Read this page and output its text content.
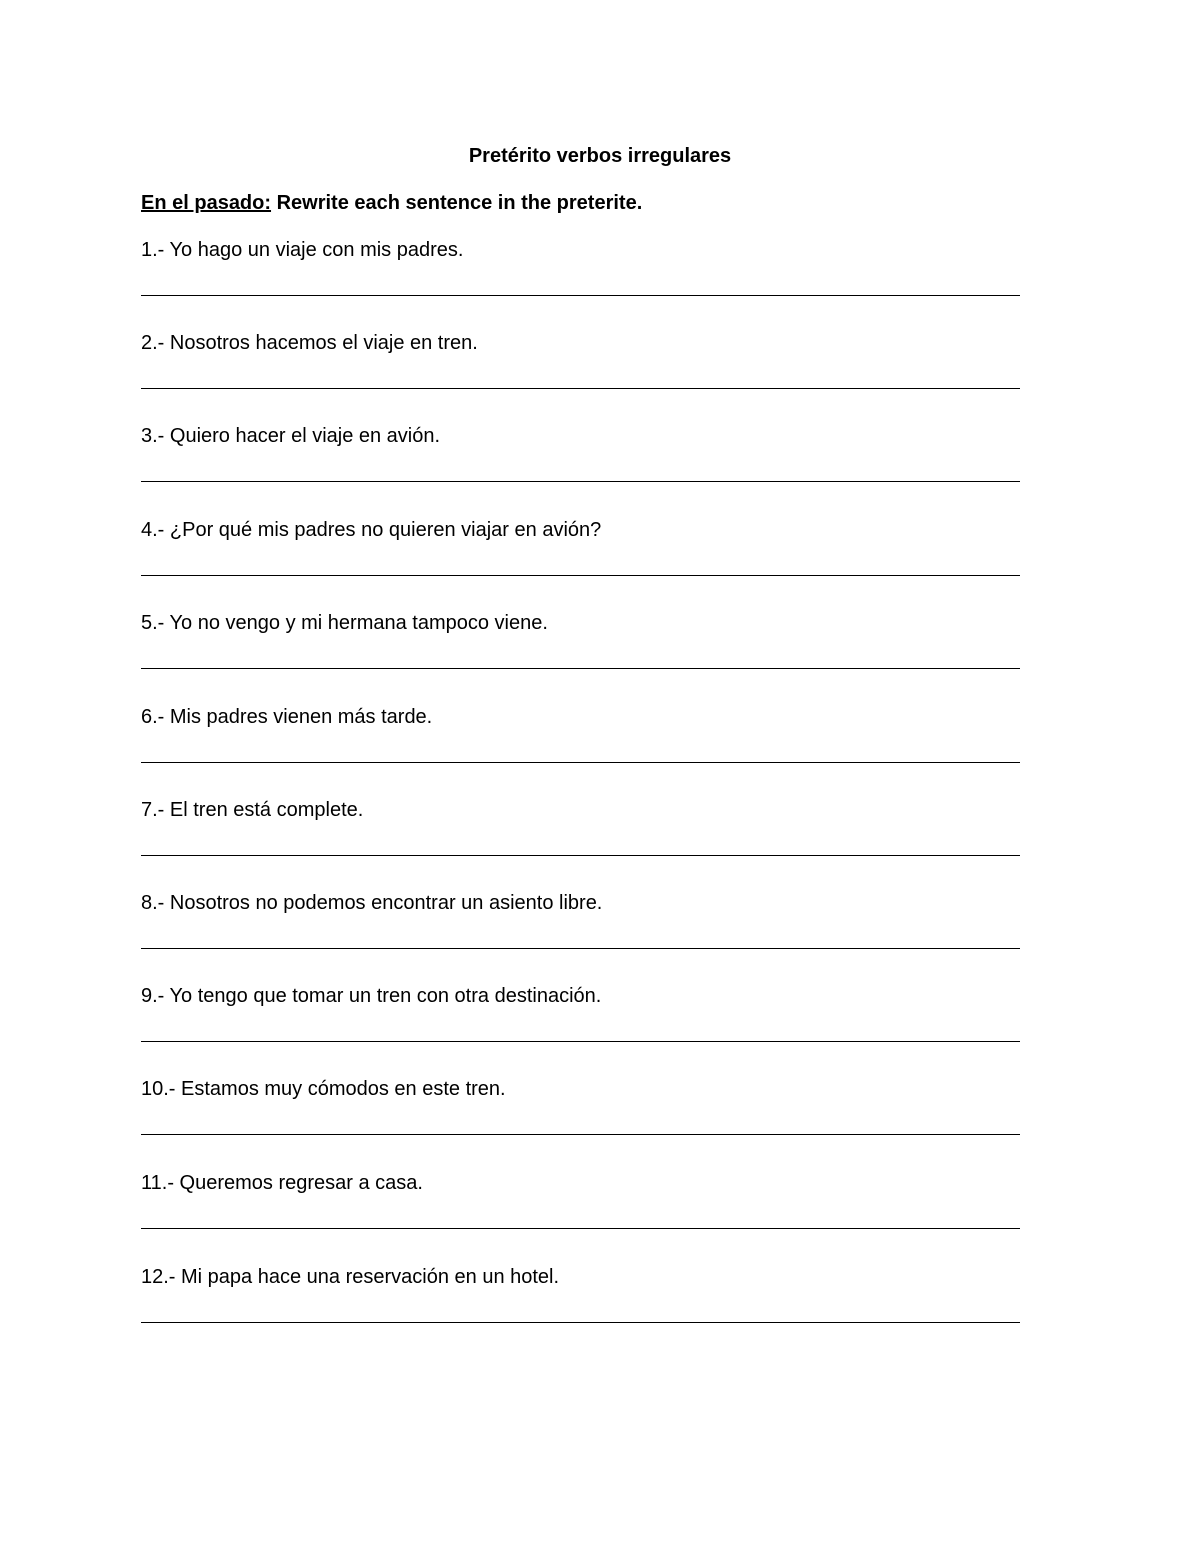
Pretérito verbos irregulares
En el pasado: Rewrite each sentence in the preterite.
1.- Yo hago un viaje con mis padres.
2.- Nosotros hacemos el viaje en tren.
3.- Quiero hacer el viaje en avión.
4.- ¿Por qué mis padres no quieren viajar en avión?
5.- Yo no vengo y mi hermana tampoco viene.
6.- Mis padres vienen más tarde.
7.- El tren está complete.
8.- Nosotros no podemos encontrar un asiento libre.
9.- Yo tengo que tomar un tren con otra destinación.
10.- Estamos muy cómodos en este tren.
11.- Queremos regresar a casa.
12.- Mi papa hace una reservación en un hotel.
